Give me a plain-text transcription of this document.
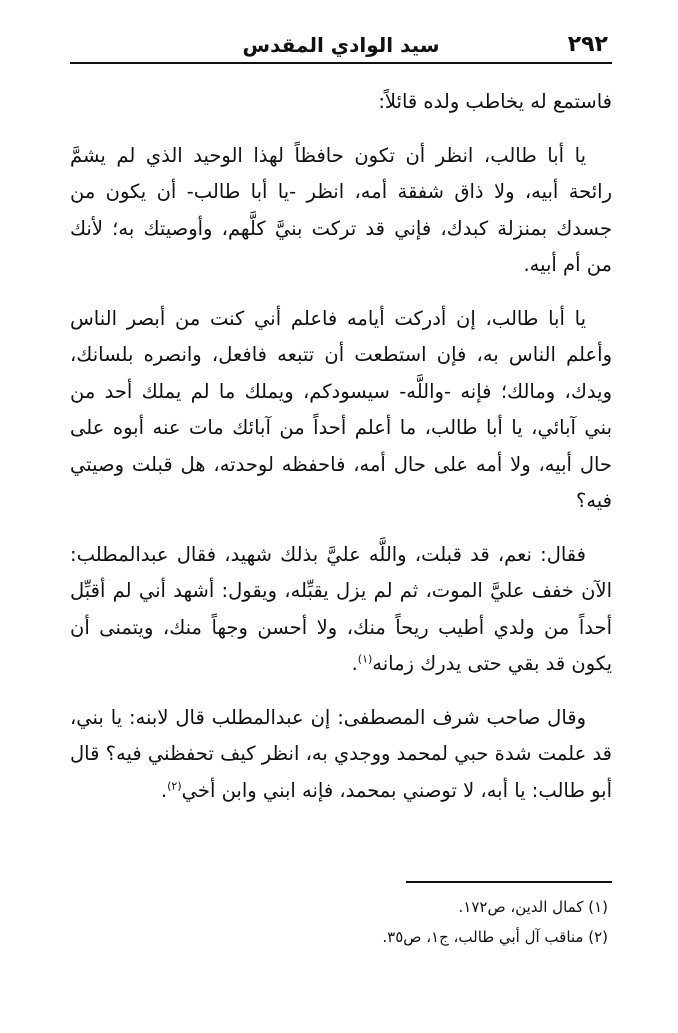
٢٩٢
سيد الوادي المقدس

فاستمع له يخاطب ولده قائلاً:

يا أبا طالب، انظر أن تكون حافظاً لهذا الوحيد الذي لم يشمَّ رائحة أبيه، ولا ذاق شفقة أمه، انظر -يا أبا طالب- أن يكون من جسدك بمنزلة كبدك، فإني قد تركت بنيَّ كلَّهم، وأوصيتك به؛ لأنك من أم أبيه.

يا أبا طالب، إن أدركت أيامه فاعلم أني كنت من أبصر الناس وأعلم الناس به، فإن استطعت أن تتبعه فافعل، وانصره بلسانك، ويدك، ومالك؛ فإنه -واللَّه- سيسودكم، ويملك ما لم يملك أحد من بني آبائي، يا أبا طالب، ما أعلم أحداً من آبائك مات عنه أبوه على حال أبيه، ولا أمه على حال أمه، فاحفظه لوحدته، هل قبلت وصيتي فيه؟

فقال: نعم، قد قبلت، واللَّه عليَّ بذلك شهيد، فقال عبدالمطلب: الآن خفف عليَّ الموت، ثم لم يزل يقبِّله، ويقول: أشهد أني لم أقبِّل أحداً من ولدي أطيب ريحاً منك، ولا أحسن وجهاً منك، ويتمنى أن يكون قد بقي حتى يدرك زمانه$^{(١)}$.

وقال صاحب شرف المصطفى: إن عبدالمطلب قال لابنه: يا بني، قد علمت شدة حبي لمحمد ووجدي به، انظر كيف تحفظني فيه؟ قال أبو طالب: يا أبه، لا توصني بمحمد، فإنه ابني وابن أخي$^{(٢)}$.

(١) كمال الدين، ص١٧٢.
(٢) مناقب آل أبي طالب، ج١، ص٣٥.
